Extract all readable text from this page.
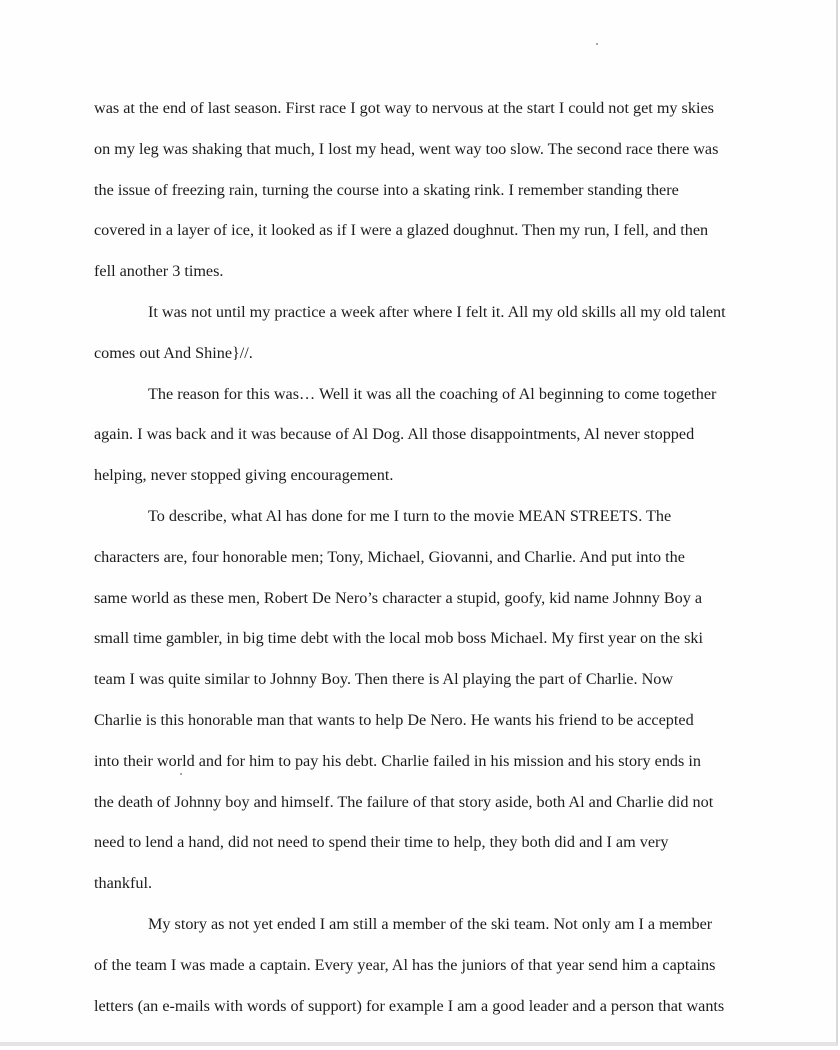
was at the end of last season. First race I got way to nervous at the start I could not get my skies
on my leg was shaking that much, I lost my head, went way too slow. The second race there was
the issue of freezing rain, turning the course into a skating rink. I remember standing there
covered in a layer of ice, it looked as if I were a glazed doughnut. Then my run, I fell, and then
fell another 3 times.
It was not until my practice a week after where I felt it. All my old skills all my old talent
comes out And Shine}//.
The reason for this was… Well it was all the coaching of Al beginning to come together
again. I was back and it was because of Al Dog. All those disappointments, Al never stopped
helping, never stopped giving encouragement.
To describe, what Al has done for me I turn to the movie MEAN STREETS. The
characters are, four honorable men; Tony, Michael, Giovanni, and Charlie. And put into the
same world as these men, Robert De Nero’s character a stupid, goofy, kid name Johnny Boy a
small time gambler, in big time debt with the local mob boss Michael. My first year on the ski
team I was quite similar to Johnny Boy. Then there is Al playing the part of Charlie. Now
Charlie is this honorable man that wants to help De Nero. He wants his friend to be accepted
into their world and for him to pay his debt. Charlie failed in his mission and his story ends in
the death of Johnny boy and himself. The failure of that story aside, both Al and Charlie did not
need to lend a hand, did not need to spend their time to help, they both did and I am very
thankful.
My story as not yet ended I am still a member of the ski team. Not only am I a member
of the team I was made a captain. Every year, Al has the juniors of that year send him a captains
letters (an e-mails with words of support) for example I am a good leader and a person that wants
